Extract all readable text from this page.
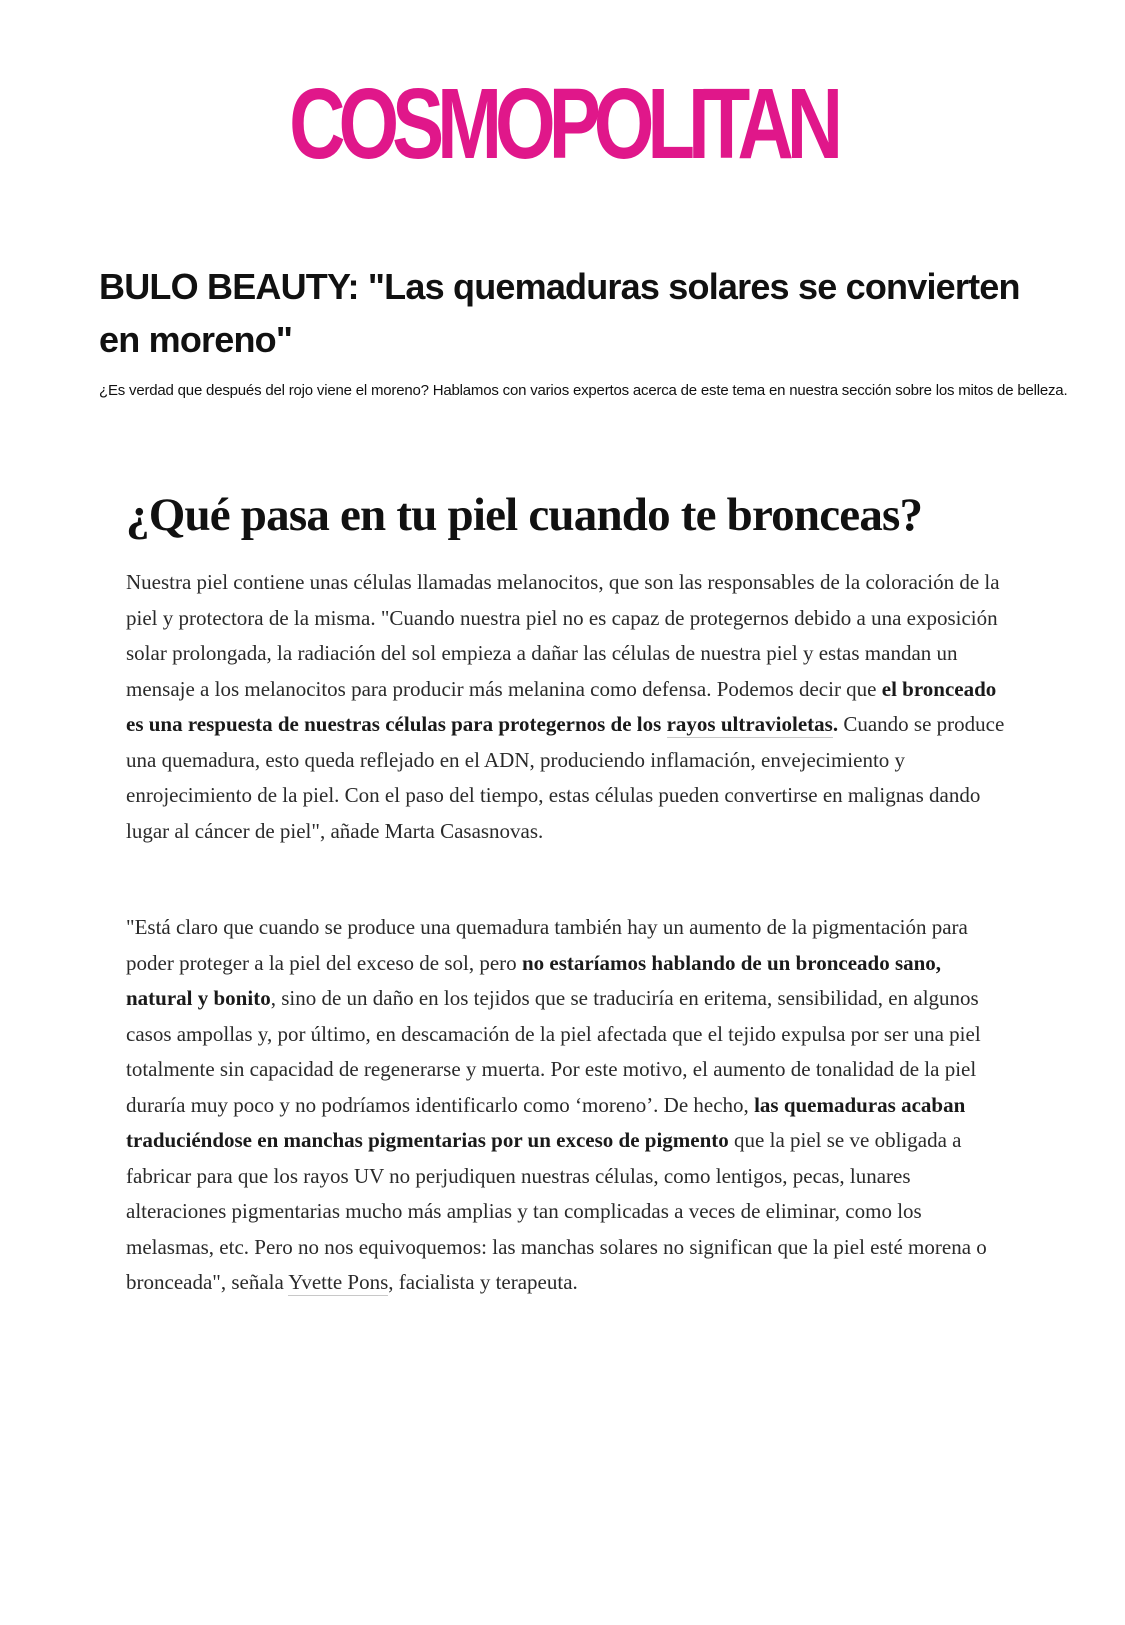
COSMOPOLITAN
BULO BEAUTY: "Las quemaduras solares se convierten en moreno"

¿Es verdad que después del rojo viene el moreno? Hablamos con varios expertos acerca de este tema en nuestra sección sobre los mitos de belleza.

¿Qué pasa en tu piel cuando te bronceas?

Nuestra piel contiene unas células llamadas melanocitos, que son las responsables de la coloración de la piel y protectora de la misma. "Cuando nuestra piel no es capaz de protegernos debido a una exposición solar prolongada, la radiación del sol empieza a dañar las células de nuestra piel y estas mandan un mensaje a los melanocitos para producir más melanina como defensa. Podemos decir que el bronceado es una respuesta de nuestras células para protegernos de los rayos ultravioletas. Cuando se produce una quemadura, esto queda reflejado en el ADN, produciendo inflamación, envejecimiento y enrojecimiento de la piel. Con el paso del tiempo, estas células pueden convertirse en malignas dando lugar al cáncer de piel", añade Marta Casasnovas.

"Está claro que cuando se produce una quemadura también hay un aumento de la pigmentación para poder proteger a la piel del exceso de sol, pero no estaríamos hablando de un bronceado sano, natural y bonito, sino de un daño en los tejidos que se traduciría en eritema, sensibilidad, en algunos casos ampollas y, por último, en descamación de la piel afectada que el tejido expulsa por ser una piel totalmente sin capacidad de regenerarse y muerta. Por este motivo, el aumento de tonalidad de la piel duraría muy poco y no podríamos identificarlo como ‘moreno’. De hecho, las quemaduras acaban traduciéndose en manchas pigmentarias por un exceso de pigmento que la piel se ve obligada a fabricar para que los rayos UV no perjudiquen nuestras células, como lentigos, pecas, lunares alteraciones pigmentarias mucho más amplias y tan complicadas a veces de eliminar, como los melasmas, etc. Pero no nos equivoquemos: las manchas solares no significan que la piel esté morena o bronceada", señala Yvette Pons, facialista y terapeuta.
